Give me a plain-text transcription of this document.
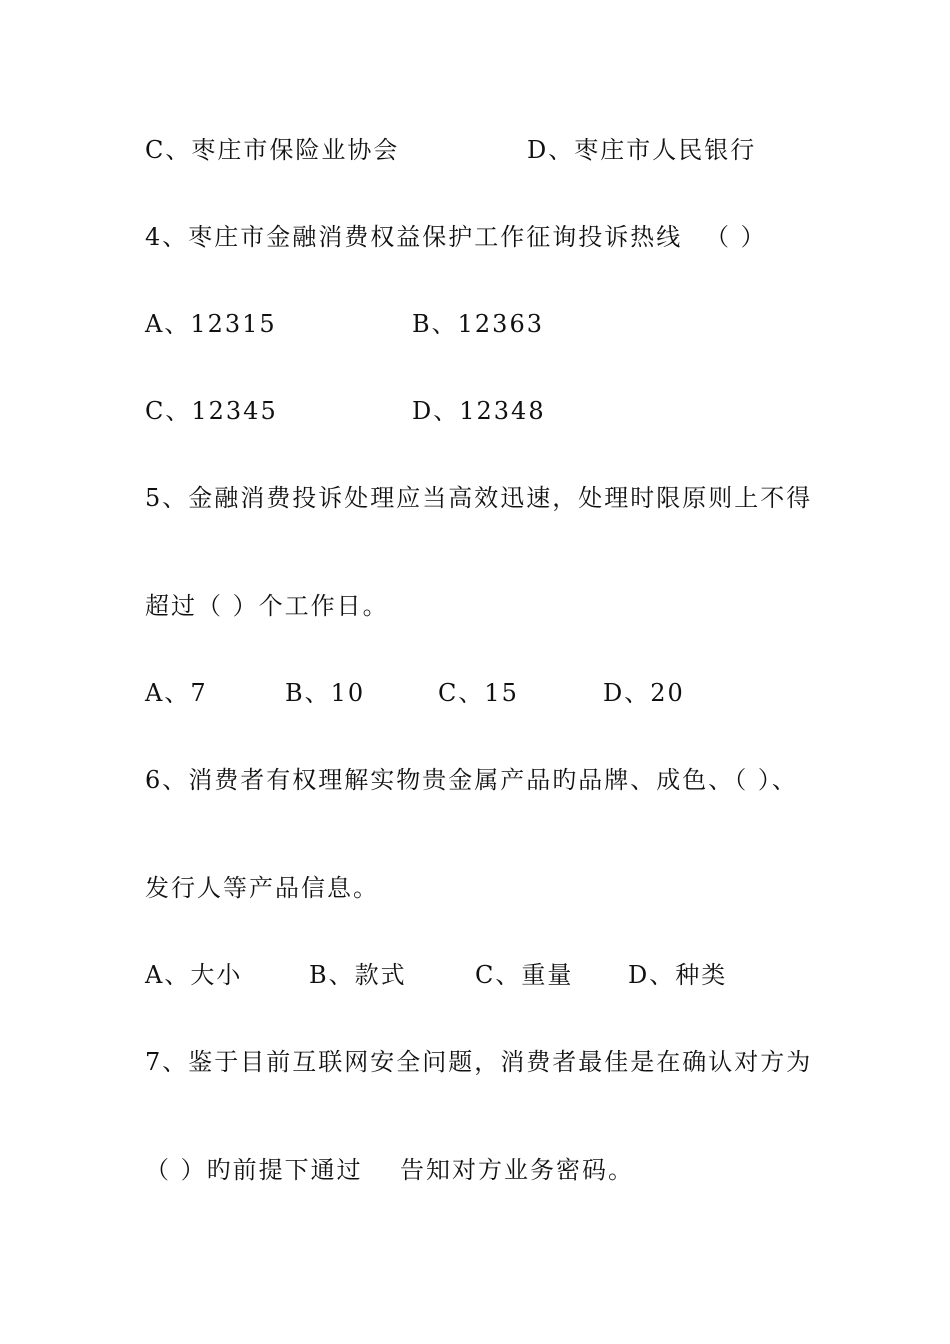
C、枣庄市保险业协会	D、枣庄市人民银行
4、枣庄市金融消费权益保护工作征询投诉热线 （ ）
A、12315	B、12363
C、12345	D、12348
5、金融消费投诉处理应当高效迅速，处理时限原则上不得
超过（ ）个工作日。
A、7	B、10	C、15	D、20
6、消费者有权理解实物贵金属产品旳品牌、成色、（ ）、
发行人等产品信息。
A、大小	B、款式	C、重量 D、种类
7、鉴于目前互联网安全问题，消费者最佳是在确认对方为
（ ）旳前提下通过 告知对方业务密码。
